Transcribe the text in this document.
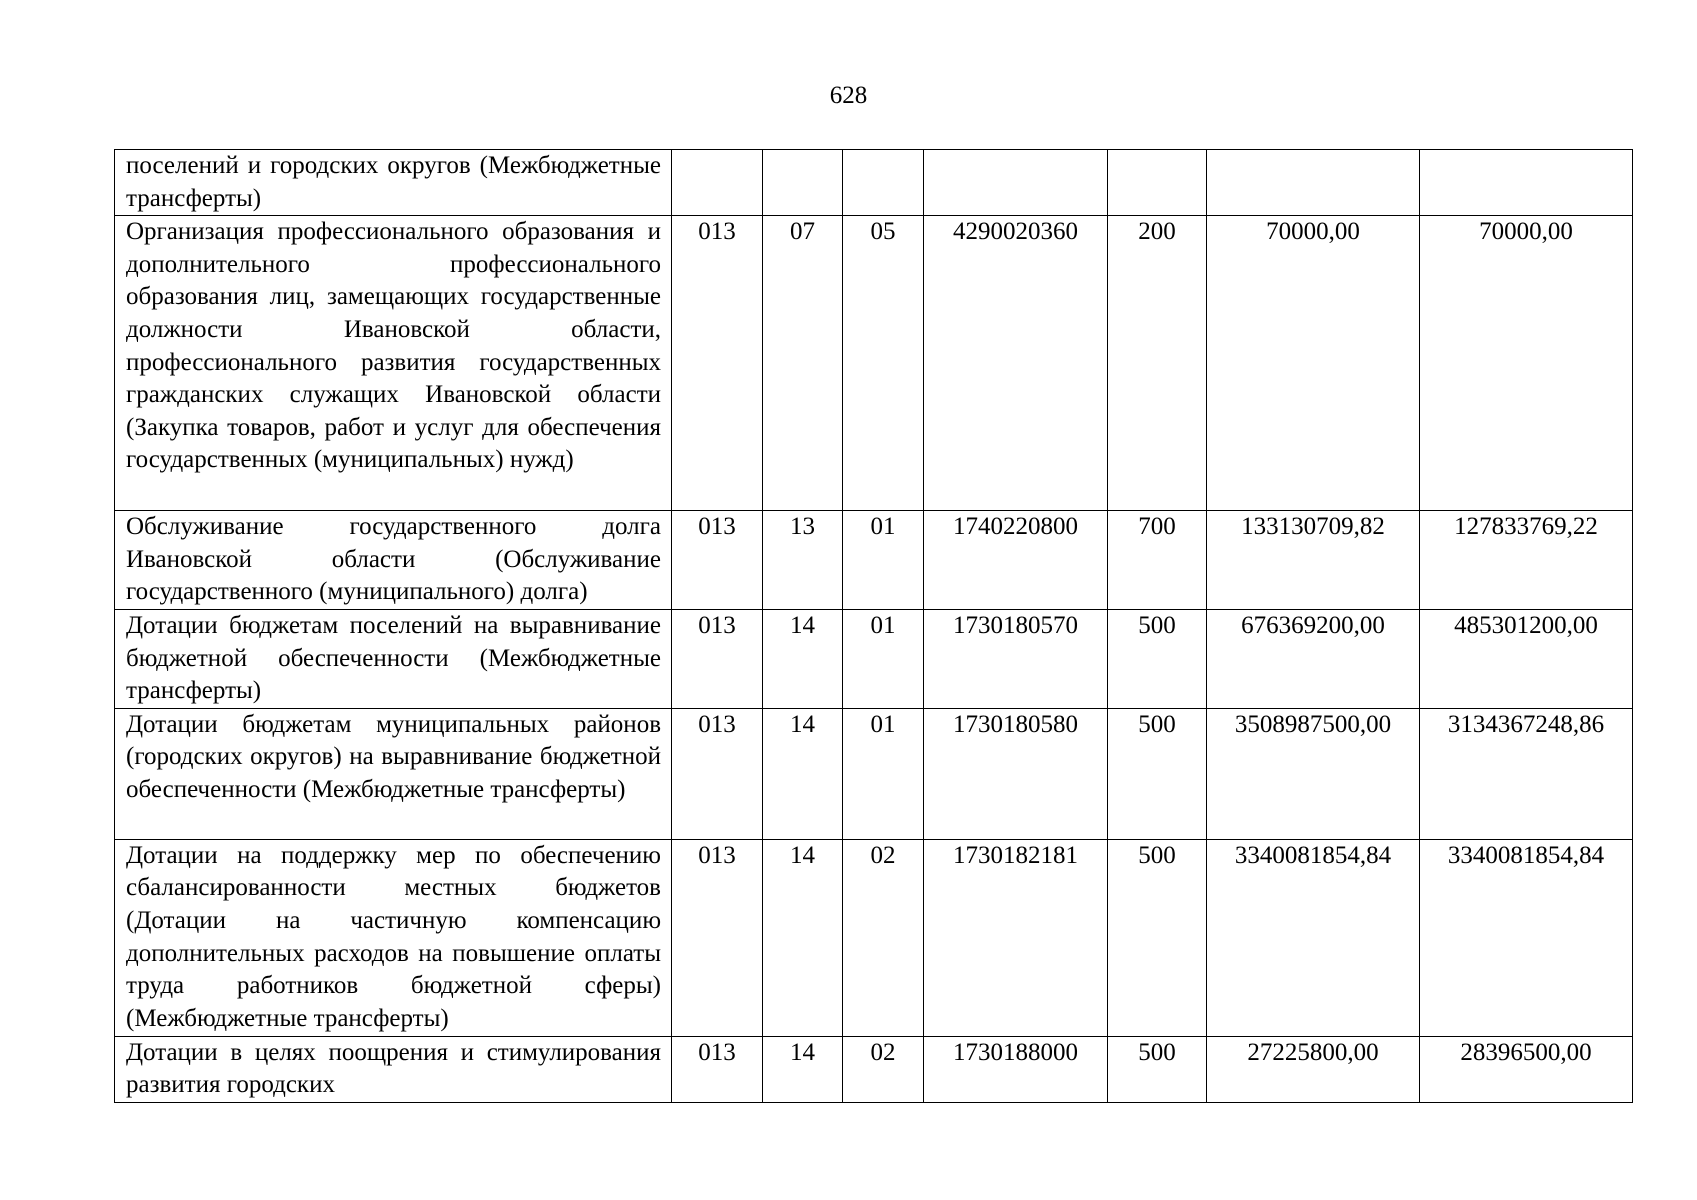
628
поселений и городских округов (Межбюджетные трансферты)							
Организация профессионального образования и дополнительного профессионального образования лиц, замещающих государственные должности Ивановской области, профессионального развития государственных гражданских служащих Ивановской области (Закупка товаров, работ и услуг для обеспечения государственных (муниципальных) нужд)	013	07	05	4290020360	200	70000,00	70000,00
Обслуживание государственного долга Ивановской области (Обслуживание государственного (муниципального) долга)	013	13	01	1740220800	700	133130709,82	127833769,22
Дотации бюджетам поселений на выравнивание бюджетной обеспеченности (Межбюджетные трансферты)	013	14	01	1730180570	500	676369200,00	485301200,00
Дотации бюджетам муниципальных районов (городских округов) на выравнивание бюджетной обеспеченности (Межбюджетные трансферты)	013	14	01	1730180580	500	3508987500,00	3134367248,86
Дотации на поддержку мер по обеспечению сбалансированности местных бюджетов (Дотации на частичную компенсацию дополнительных расходов на повышение оплаты труда работников бюджетной сферы) (Межбюджетные трансферты)	013	14	02	1730182181	500	3340081854,84	3340081854,84
Дотации в целях поощрения и стимулирования развития городских	013	14	02	1730188000	500	27225800,00	28396500,00
